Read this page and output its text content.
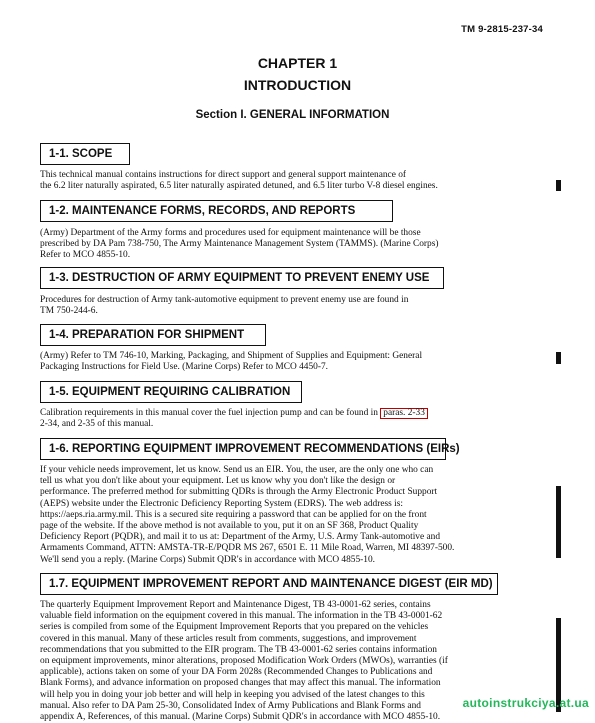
TM 9-2815-237-34
CHAPTER 1
INTRODUCTION
Section I. GENERAL INFORMATION
1-1. SCOPE
This technical manual contains instructions for direct support and general support maintenance of
the 6.2 liter naturally aspirated, 6.5 liter naturally aspirated detuned, and 6.5 liter turbo V-8 diesel engines.
1-2. MAINTENANCE FORMS, RECORDS, AND REPORTS
(Army) Department of the Army forms and procedures used for equipment maintenance will be those
prescribed by DA Pam 738-750, The Army Maintenance Management System (TAMMS). (Marine Corps)
Refer to MCO 4855-10.
1-3. DESTRUCTION OF ARMY EQUIPMENT TO PREVENT ENEMY USE
Procedures for destruction of Army tank-automotive equipment to prevent enemy use are found in
TM 750-244-6.
1-4. PREPARATION FOR SHIPMENT
(Army) Refer to TM 746-10, Marking, Packaging, and Shipment of Supplies and Equipment: General
Packaging Instructions for Field Use. (Marine Corps) Refer to MCO 4450-7.
1-5. EQUIPMENT REQUIRING CALIBRATION
Calibration requirements in this manual cover the fuel injection pump and can be found in paras. 2-33
2-34, and 2-35 of this manual.
1-6. REPORTING EQUIPMENT IMPROVEMENT RECOMMENDATIONS (EIRs)
If your vehicle needs improvement, let us know. Send us an EIR. You, the user, are the only one who can
tell us what you don't like about your equipment. Let us know why you don't like the design or
performance. The preferred method for submitting QDRs is through the Army Electronic Product Support
(AEPS) website under the Electronic Deficiency Reporting System (EDRS). The web address is:
https://aeps.ria.army.mil. This is a secured site requiring a password that can be applied for on the front
page of the website. If the above method is not available to you, put it on an SF 368, Product Quality
Deficiency Report (PQDR), and mail it to us at: Department of the Army, U.S. Army Tank-automotive and
Armaments Command, ATTN: AMSTA-TR-E/PQDR MS 267, 6501 E. 11 Mile Road, Warren, MI 48397-500.
We'll send you a reply. (Marine Corps) Submit QDR's in accordance with MCO 4855-10.
1.7. EQUIPMENT IMPROVEMENT REPORT AND MAINTENANCE DIGEST (EIR MD)
The quarterly Equipment Improvement Report and Maintenance Digest, TB 43-0001-62 series, contains
valuable field information on the equipment covered in this manual. The information in the TB 43-0001-62
series is compiled from some of the Equipment Improvement Reports that you prepared on the vehicles
covered in this manual. Many of these articles result from comments, suggestions, and improvement
recommendations that you submitted to the EIR program. The TB 43-0001-62 series contains information
on equipment improvements, minor alterations, proposed Modification Work Orders (MWOs), warranties (if
applicable), actions taken on some of your DA Form 2028s (Recommended Changes to Publications and
Blank Forms), and advance information on proposed changes that may affect this manual. The information
will help you in doing your job better and will help in keeping you advised of the latest changes to this
manual. Also refer to DA Pam 25-30, Consolidated Index of Army Publications and Blank Forms and
appendix A, References, of this manual. (Marine Corps) Submit QDR's in accordance with MCO 4855-10.
autoinstrukciya.at.ua
